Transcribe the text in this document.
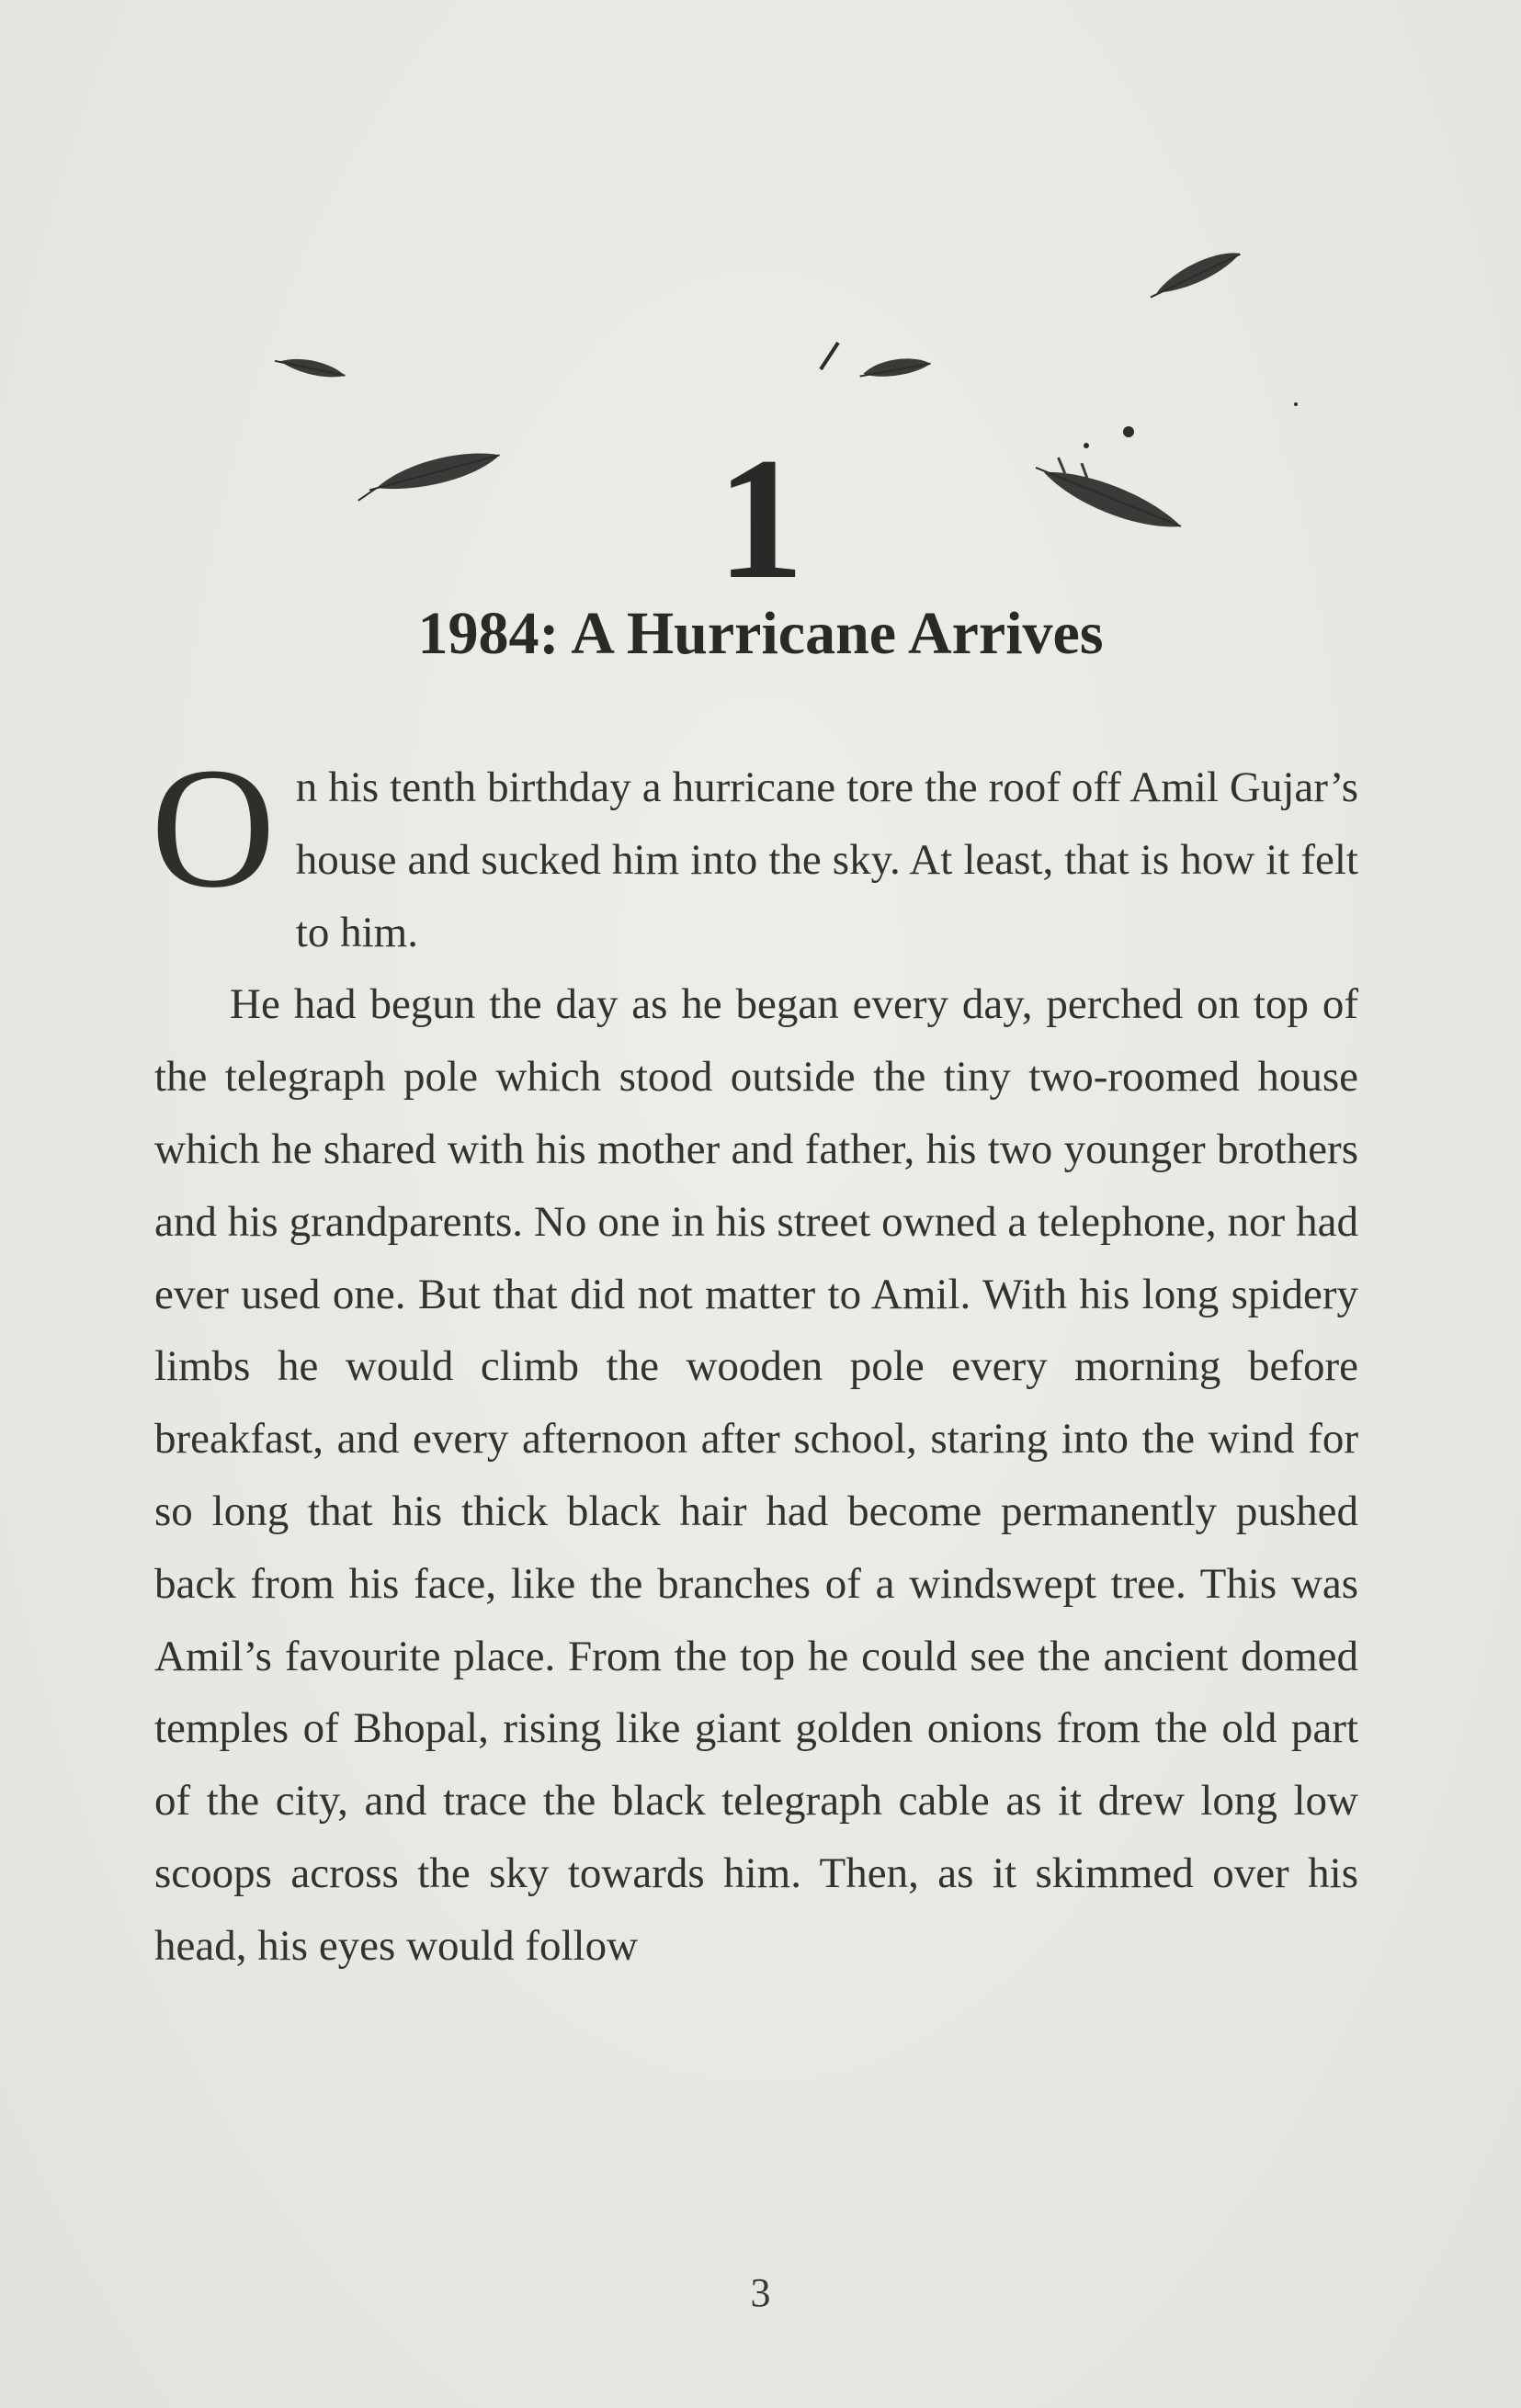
1
1984: A Hurricane Arrives

On his tenth birthday a hurricane tore the roof off Amil Gujar’s house and sucked him into the sky. At least, that is how it felt to him.

He had begun the day as he began every day, perched on top of the telegraph pole which stood outside the tiny two-roomed house which he shared with his mother and father, his two younger brothers and his grandparents. No one in his street owned a telephone, nor had ever used one. But that did not matter to Amil. With his long spidery limbs he would climb the wooden pole every morning before breakfast, and every afternoon after school, staring into the wind for so long that his thick black hair had become permanently pushed back from his face, like the branches of a windswept tree. This was Amil’s favourite place. From the top he could see the ancient domed temples of Bhopal, rising like giant golden onions from the old part of the city, and trace the black telegraph cable as it drew long low scoops across the sky towards him. Then, as it skimmed over his head, his eyes would follow

3
